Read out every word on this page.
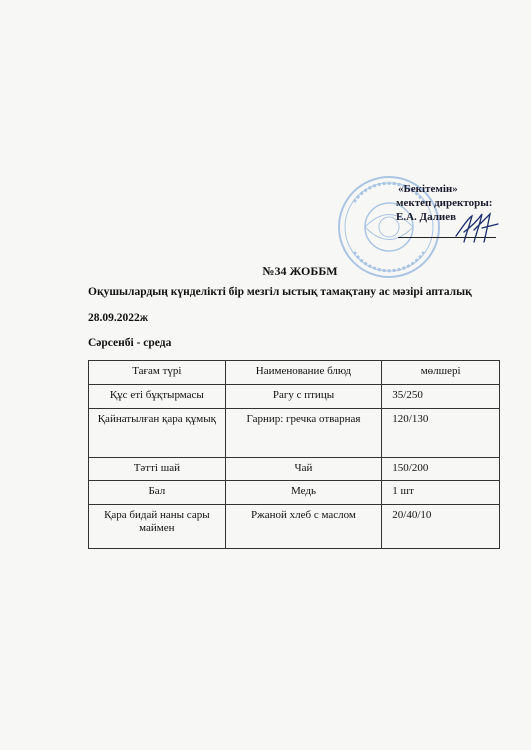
«Бекітемін»
мектеп директоры:
Е.А. Далиев
№34 ЖОББМ
Оқушылардың күнделікті бір мезгіл ыстық тамақтану ас мәзірі апталық
28.09.2022ж
Сәрсенбі - среда
Тағам түрі	Наименование блюд	мөлшері
Құс еті бұқтырмасы	Рагу с птицы	35/250
Қайнатылған қара құмық	Гарнир: гречка отварная	120/130
Тәтті шай	Чай	150/200
Бал	Медь	1 шт
Қара бидай наны сары маймен	Ржаной хлеб с маслом	20/40/10
